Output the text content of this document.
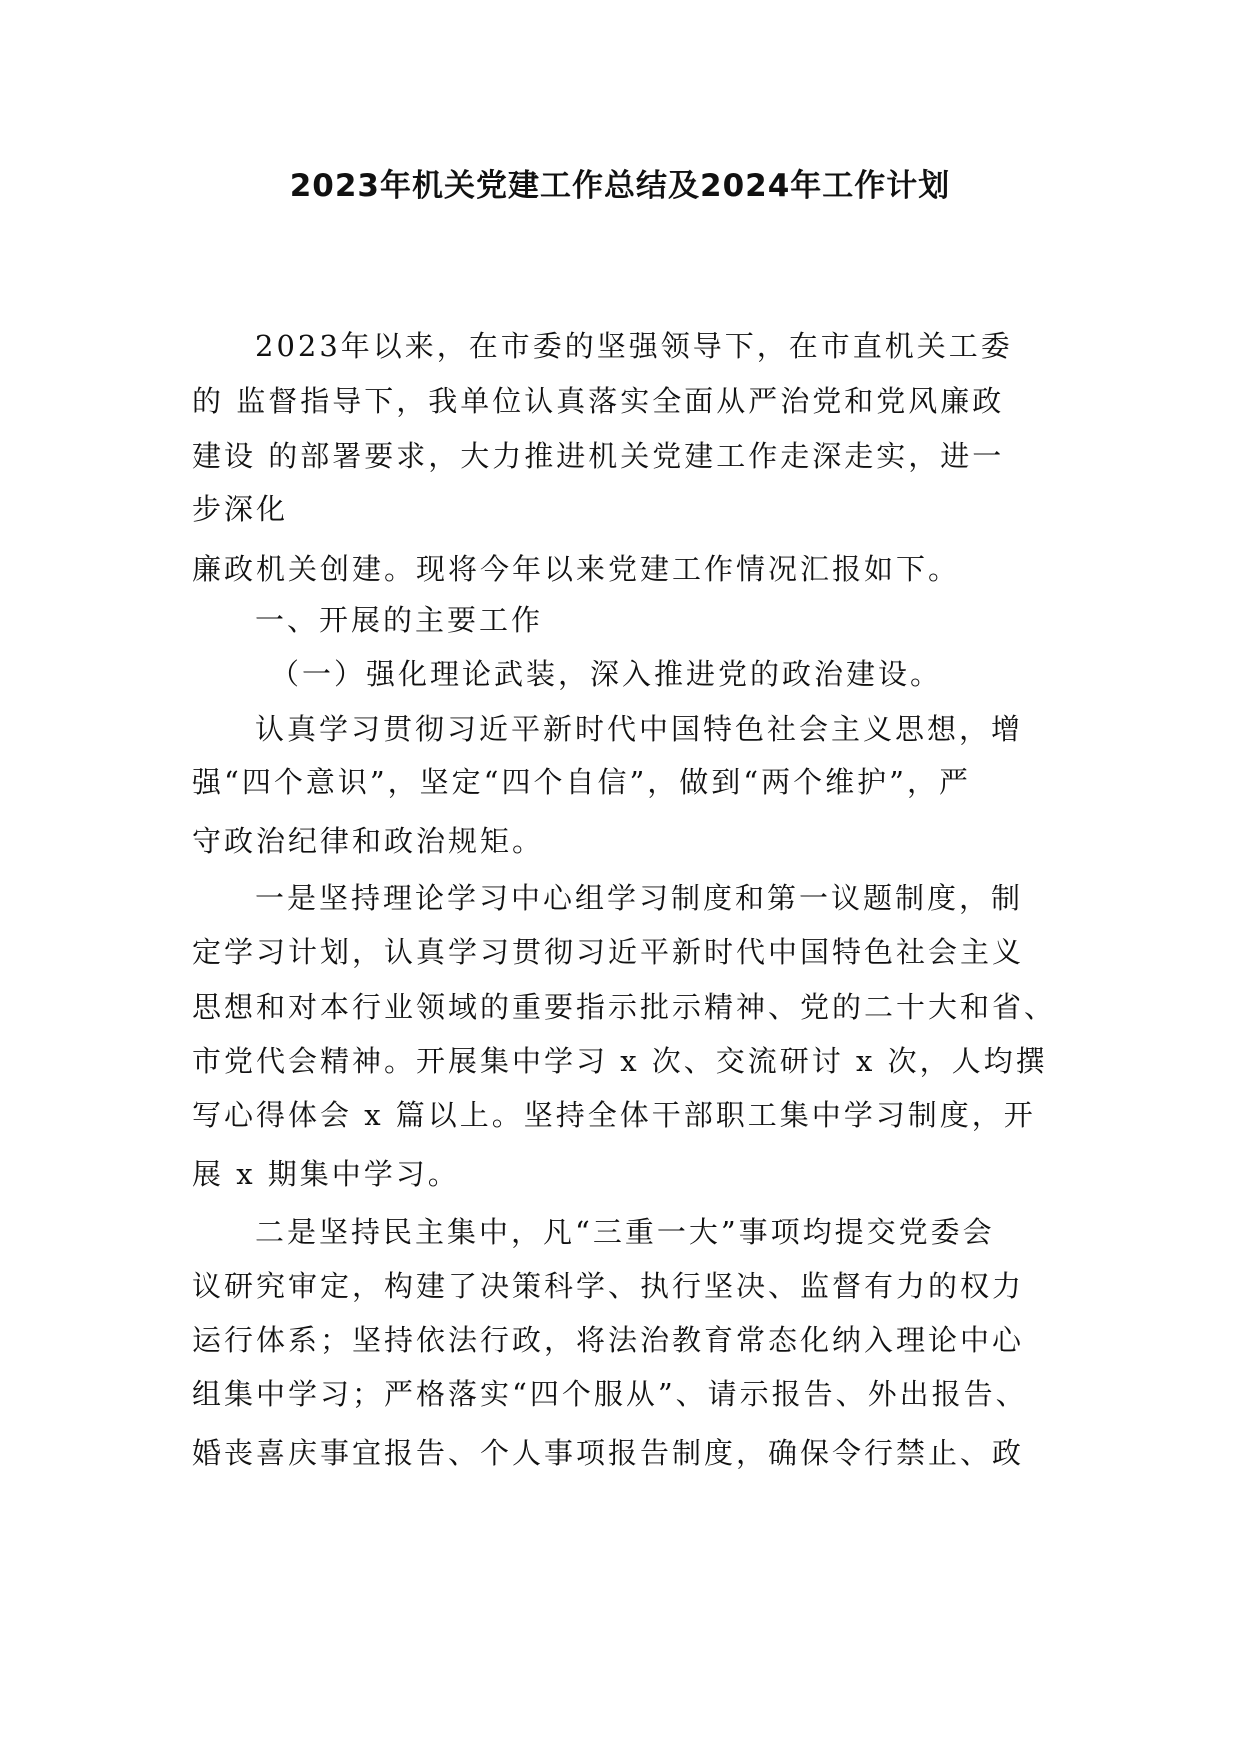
2023年机关党建工作总结及2024年工作计划
2023年以来，在市委的坚强领导下，在市直机关工委
的 监督指导下，我单位认真落实全面从严治党和党风廉政
建设 的部署要求，大力推进机关党建工作走深走实，进一
步深化
廉政机关创建。现将今年以来党建工作情况汇报如下。
一、开展的主要工作
（一）强化理论武装，深入推进党的政治建设。
认真学习贯彻习近平新时代中国特色社会主义思想，增
强“四个意识”，坚定“四个自信”，做到“两个维护”，严
守政治纪律和政治规矩。
一是坚持理论学习中心组学习制度和第一议题制度，制
定学习计划，认真学习贯彻习近平新时代中国特色社会主义
思想和对本行业领域的重要指示批示精神、党的二十大和省、
市党代会精神。开展集中学习 x 次、交流研讨 x 次，人均撰
写心得体会 x 篇以上。坚持全体干部职工集中学习制度，开
展 x 期集中学习。
二是坚持民主集中，凡“三重一大”事项均提交党委会
议研究审定，构建了决策科学、执行坚决、监督有力的权力
运行体系；坚持依法行政，将法治教育常态化纳入理论中心
组集中学习；严格落实“四个服从”、请示报告、外出报告、
婚丧喜庆事宜报告、个人事项报告制度，确保令行禁止、政
